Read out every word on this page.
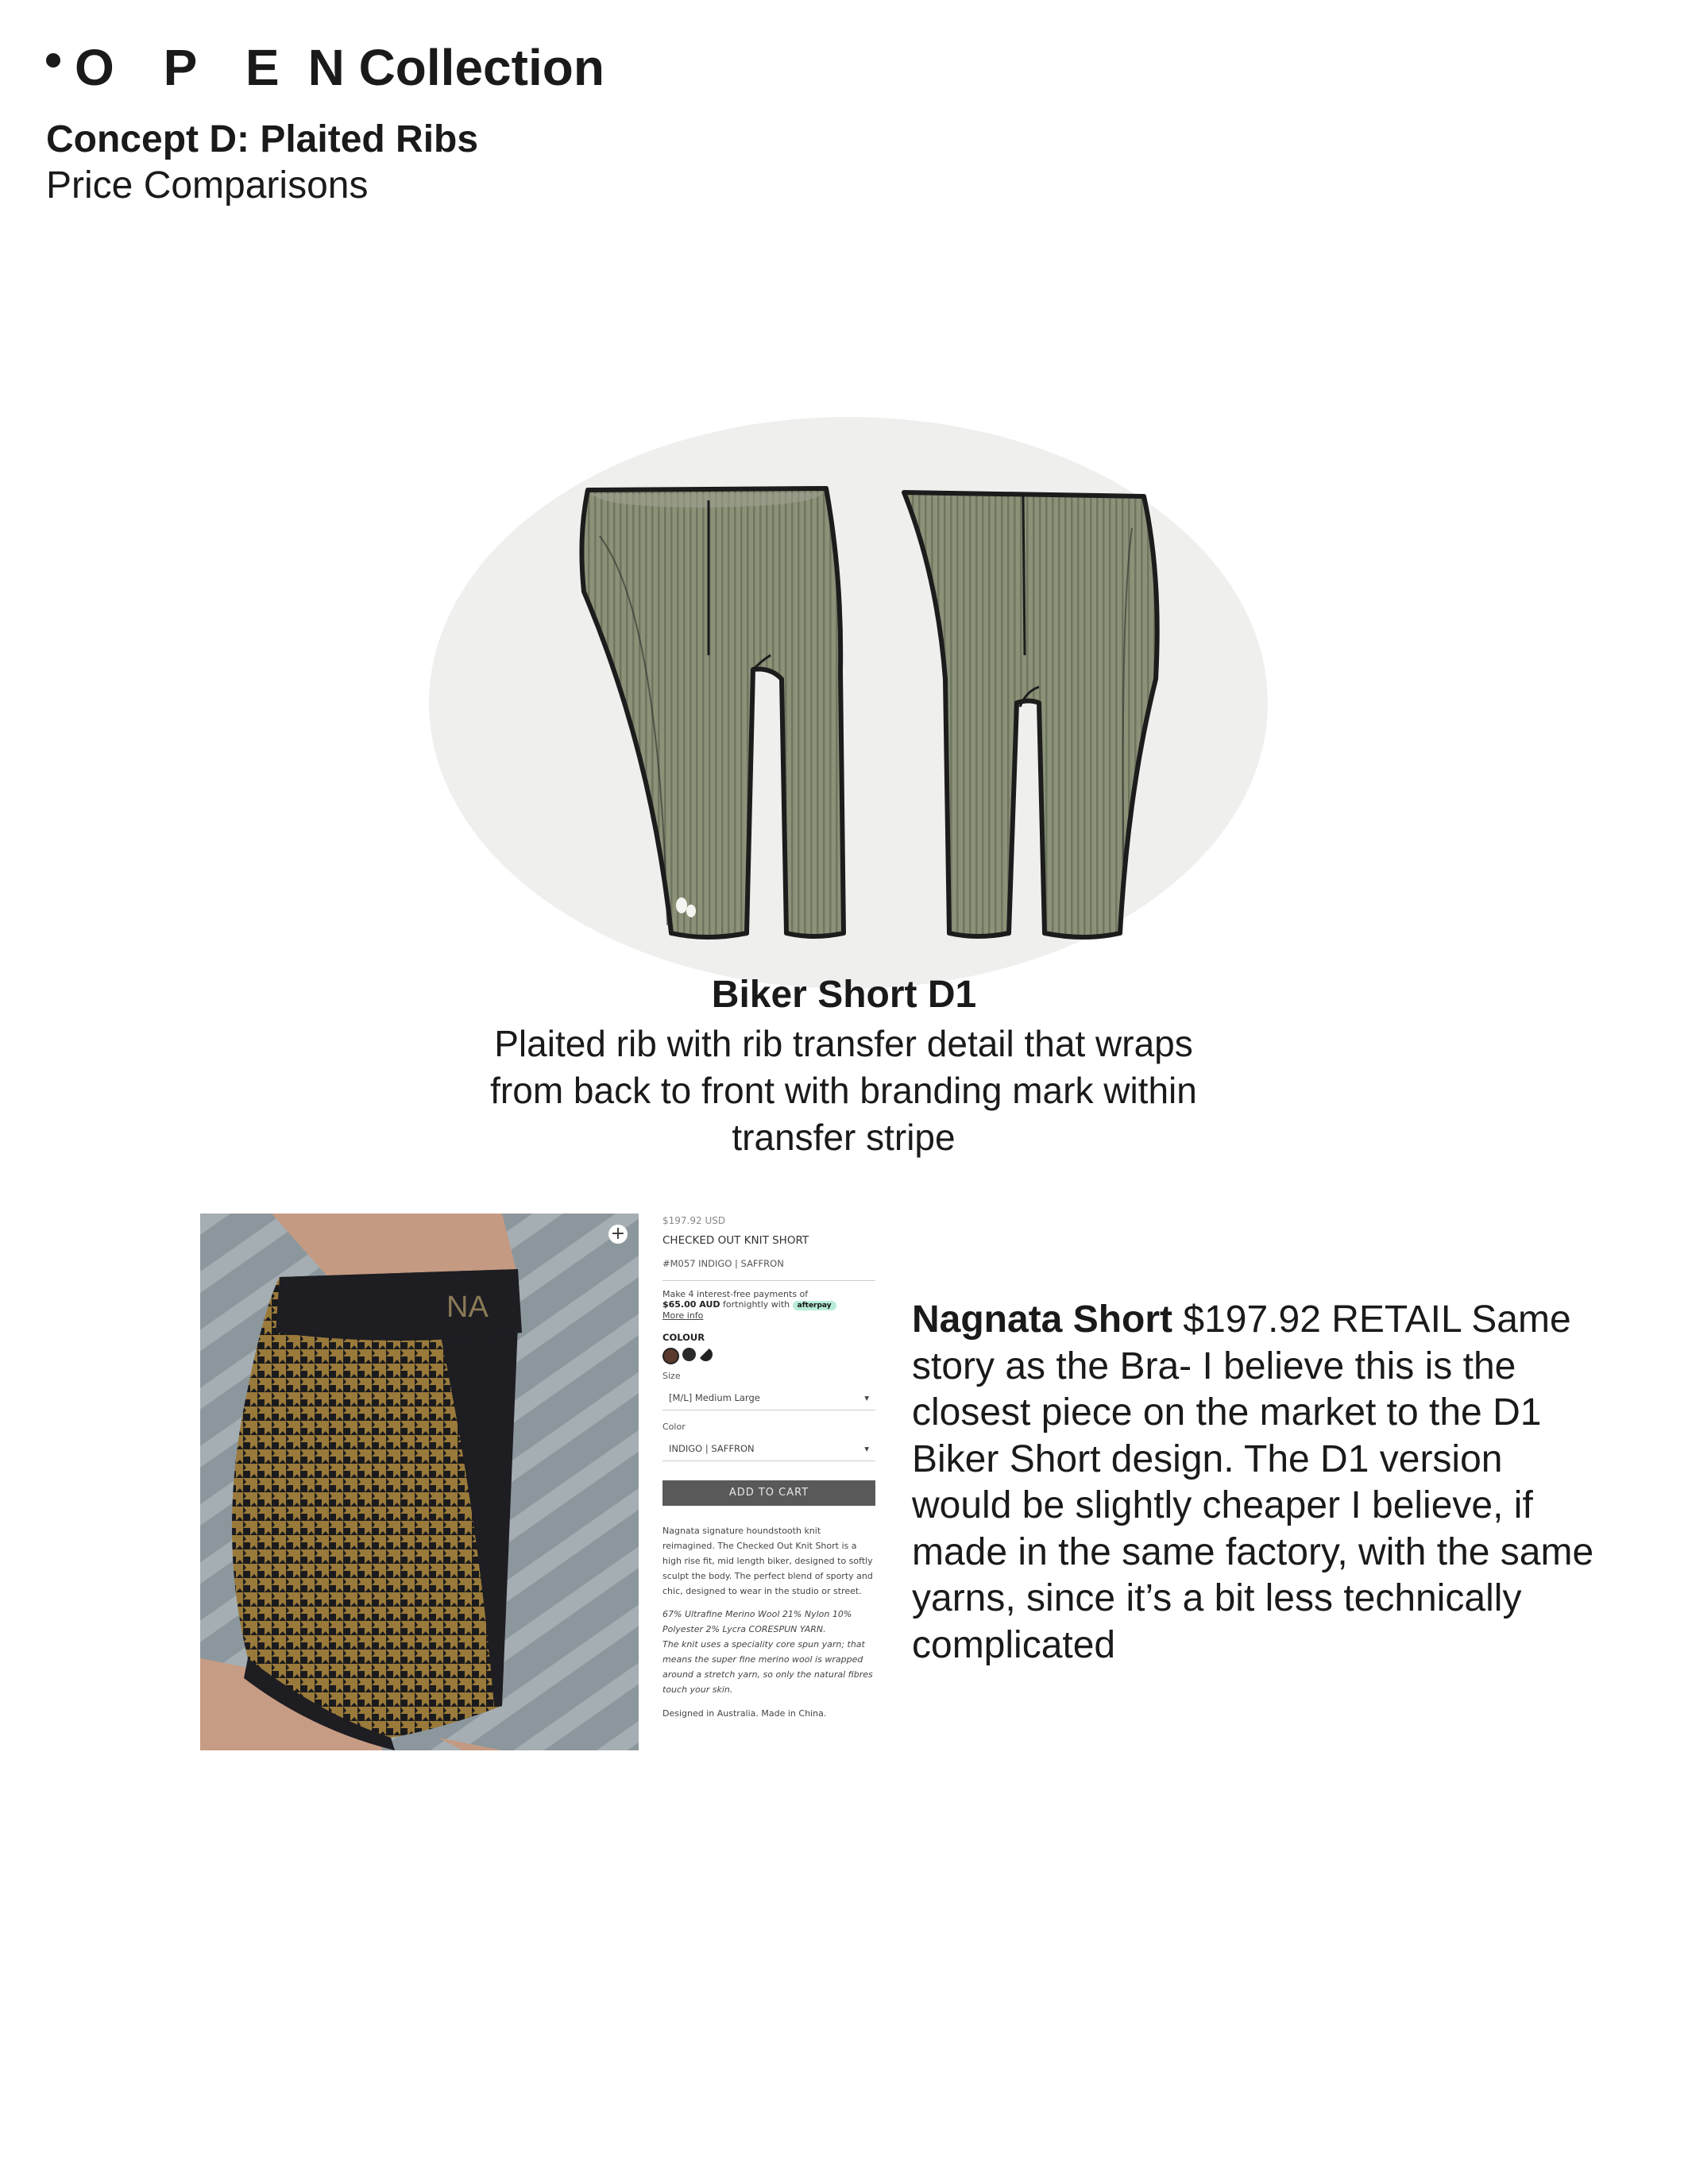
O P E N Collection
Concept D: Plaited Ribs
Price Comparisons
Biker Short D1
Plaited rib with rib transfer detail that wraps from back to front with branding mark within transfer stripe
NA
+
$197.92 USD
CHECKED OUT KNIT SHORT
#M057 INDIGO | SAFFRON
Make 4 interest-free payments of
$65.00 AUD fortnightly with afterpay
More info
COLOUR
Size
[M/L] Medium Large	▾
Color
INDIGO | SAFFRON	▾
ADD TO CART
Nagnata signature houndstooth knit reimagined. The Checked Out Knit Short is a high rise fit, mid length biker, designed to softly sculpt the body. The perfect blend of sporty and chic, designed to wear in the studio or street.
67% Ultrafine Merino Wool 21% Nylon 10% Polyester 2% Lycra CORESPUN YARN.
The knit uses a speciality core spun yarn; that means the super fine merino wool is wrapped around a stretch yarn, so only the natural fibres touch your skin.
Designed in Australia. Made in China.
Nagnata Short $197.92 RETAIL Same story as the Bra- I believe this is the closest piece on the market to the D1 Biker Short design. The D1 version would be slightly cheaper I believe, if made in the same factory, with the same yarns, since it’s a bit less technically complicated
